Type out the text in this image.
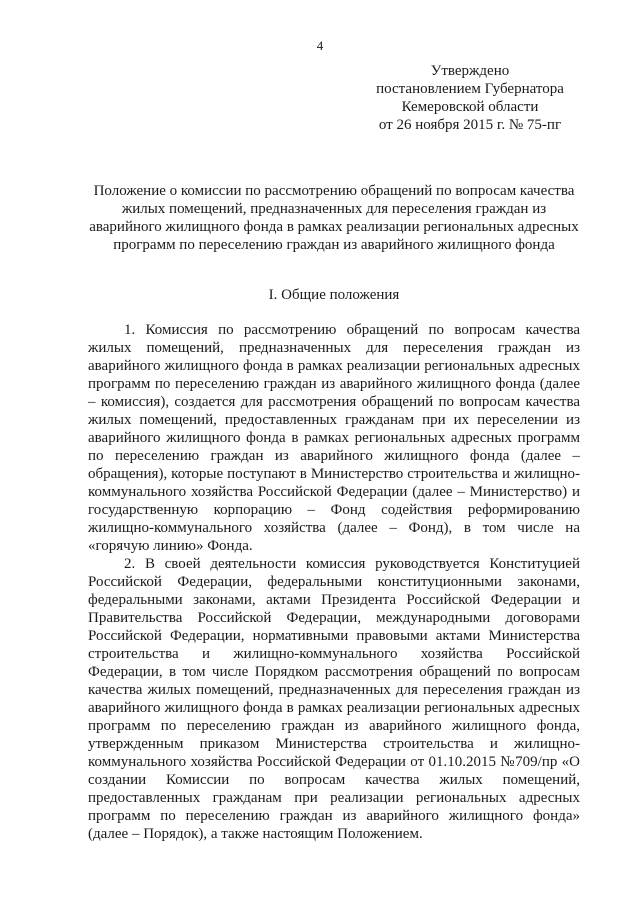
4
Утверждено
постановлением Губернатора
Кемеровской области
от 26 ноября 2015 г. № 75-пг
Положение о комиссии по рассмотрению обращений по вопросам качества жилых помещений, предназначенных для переселения граждан из аварийного жилищного фонда в рамках реализации региональных адресных программ по переселению граждан из аварийного жилищного фонда
I. Общие положения

1. Комиссия по рассмотрению обращений по вопросам качества жилых помещений, предназначенных для переселения граждан из аварийного жилищного фонда в рамках реализации региональных адресных программ по переселению граждан из аварийного жилищного фонда (далее – комиссия), создается для рассмотрения обращений по вопросам качества жилых помещений, предоставленных гражданам при их переселении из аварийного жилищного фонда в рамках региональных адресных программ по переселению граждан из аварийного жилищного фонда (далее – обращения), которые поступают в Министерство строительства и жилищно-коммунального хозяйства Российской Федерации (далее – Министерство) и государственную корпорацию – Фонд содействия реформированию жилищно-коммунального хозяйства (далее – Фонд), в том числе на «горячую линию» Фонда.

2. В своей деятельности комиссия руководствуется Конституцией Российской Федерации, федеральными конституционными законами, федеральными законами, актами Президента Российской Федерации и Правительства Российской Федерации, международными договорами Российской Федерации, нормативными правовыми актами Министерства строительства и жилищно-коммунального хозяйства Российской Федерации, в том числе Порядком рассмотрения обращений по вопросам качества жилых помещений, предназначенных для переселения граждан из аварийного жилищного фонда в рамках реализации региональных адресных программ по переселению граждан из аварийного жилищного фонда, утвержденным приказом Министерства строительства и жилищно-коммунального хозяйства Российской Федерации от 01.10.2015 №709/пр «О создании Комиссии по вопросам качества жилых помещений, предоставленных гражданам при реализации региональных адресных программ по переселению граждан из аварийного жилищного фонда» (далее – Порядок), а также настоящим Положением.
